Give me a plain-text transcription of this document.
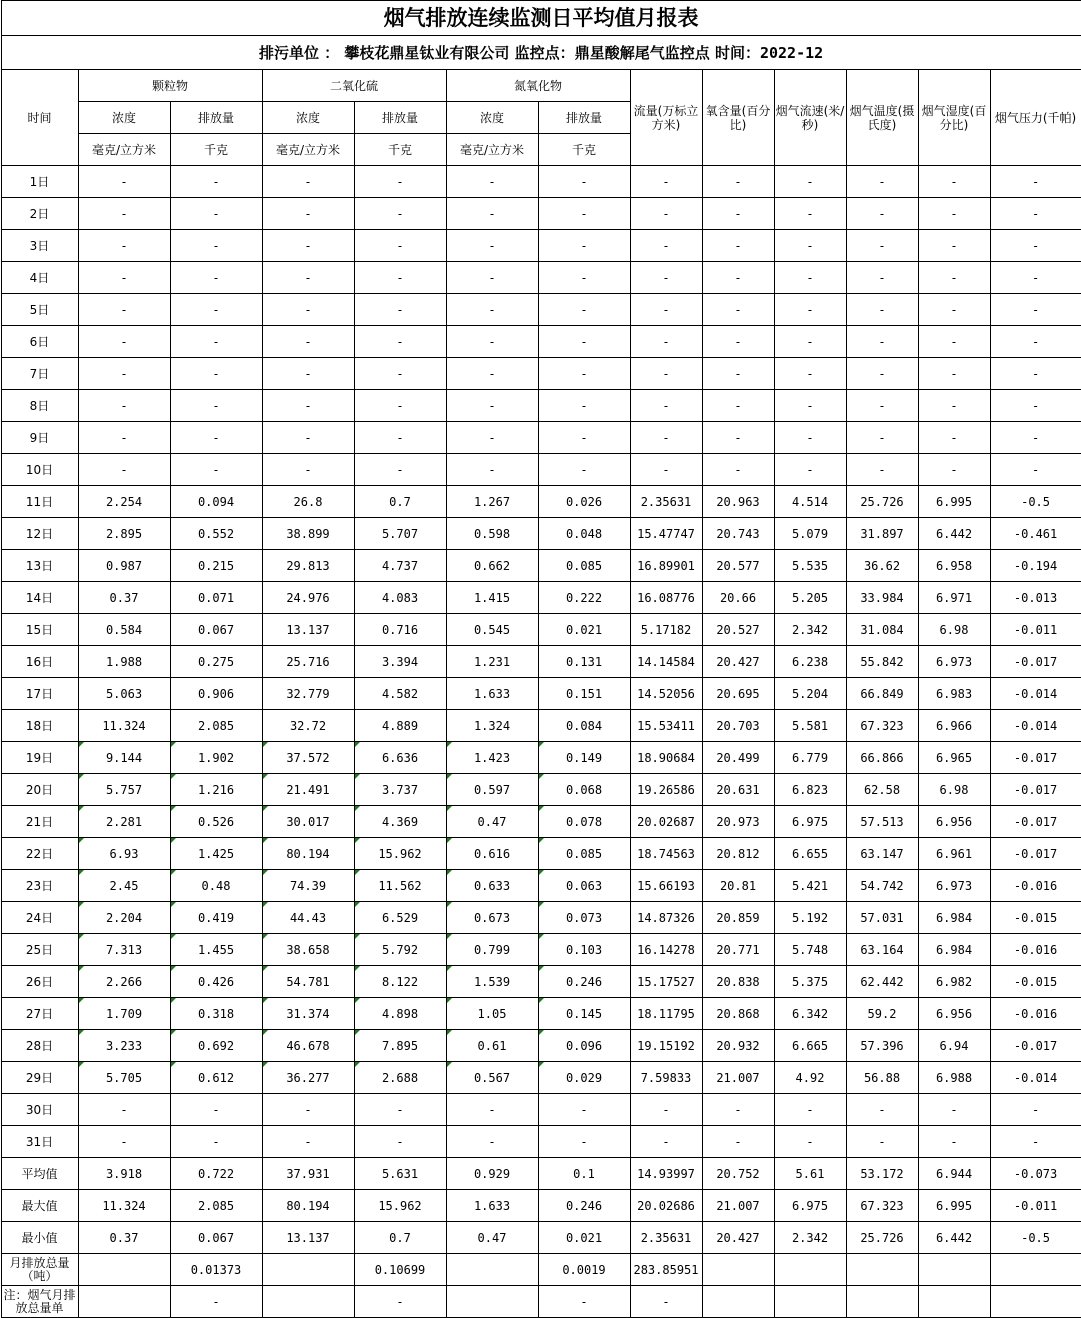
烟气排放连续监测日平均值月报表												
排污单位 ： 攀枝花鼎星钛业有限公司 监控点：鼎星酸解尾气监控点 时间：2022-12												
时间	颗粒物		二氧化硫		氮氧化物		流量(万标立方米)	氧含量(百分比)	烟气流速(米/秒)	烟气温度(摄氏度)	烟气湿度(百分比)	烟气压力(千帕)
	浓度	排放量	浓度	排放量	浓度	排放量						
	毫克/立方米	千克	毫克/立方米	千克	毫克/立方米	千克						
1日	-	-	-	-	-	-	-	-	-	-	-	-
2日	-	-	-	-	-	-	-	-	-	-	-	-
3日	-	-	-	-	-	-	-	-	-	-	-	-
4日	-	-	-	-	-	-	-	-	-	-	-	-
5日	-	-	-	-	-	-	-	-	-	-	-	-
6日	-	-	-	-	-	-	-	-	-	-	-	-
7日	-	-	-	-	-	-	-	-	-	-	-	-
8日	-	-	-	-	-	-	-	-	-	-	-	-
9日	-	-	-	-	-	-	-	-	-	-	-	-
10日	-	-	-	-	-	-	-	-	-	-	-	-
11日	2.254	0.094	26.8	0.7	1.267	0.026	2.35631	20.963	4.514	25.726	6.995	-0.5
12日	2.895	0.552	38.899	5.707	0.598	0.048	15.47747	20.743	5.079	31.897	6.442	-0.461
13日	0.987	0.215	29.813	4.737	0.662	0.085	16.89901	20.577	5.535	36.62	6.958	-0.194
14日	0.37	0.071	24.976	4.083	1.415	0.222	16.08776	20.66	5.205	33.984	6.971	-0.013
15日	0.584	0.067	13.137	0.716	0.545	0.021	5.17182	20.527	2.342	31.084	6.98	-0.011
16日	1.988	0.275	25.716	3.394	1.231	0.131	14.14584	20.427	6.238	55.842	6.973	-0.017
17日	5.063	0.906	32.779	4.582	1.633	0.151	14.52056	20.695	5.204	66.849	6.983	-0.014
18日	11.324	2.085	32.72	4.889	1.324	0.084	15.53411	20.703	5.581	67.323	6.966	-0.014
19日	9.144	1.902	37.572	6.636	1.423	0.149	18.90684	20.499	6.779	66.866	6.965	-0.017
20日	5.757	1.216	21.491	3.737	0.597	0.068	19.26586	20.631	6.823	62.58	6.98	-0.017
21日	2.281	0.526	30.017	4.369	0.47	0.078	20.02687	20.973	6.975	57.513	6.956	-0.017
22日	6.93	1.425	80.194	15.962	0.616	0.085	18.74563	20.812	6.655	63.147	6.961	-0.017
23日	2.45	0.48	74.39	11.562	0.633	0.063	15.66193	20.81	5.421	54.742	6.973	-0.016
24日	2.204	0.419	44.43	6.529	0.673	0.073	14.87326	20.859	5.192	57.031	6.984	-0.015
25日	7.313	1.455	38.658	5.792	0.799	0.103	16.14278	20.771	5.748	63.164	6.984	-0.016
26日	2.266	0.426	54.781	8.122	1.539	0.246	15.17527	20.838	5.375	62.442	6.982	-0.015
27日	1.709	0.318	31.374	4.898	1.05	0.145	18.11795	20.868	6.342	59.2	6.956	-0.016
28日	3.233	0.692	46.678	7.895	0.61	0.096	19.15192	20.932	6.665	57.396	6.94	-0.017
29日	5.705	0.612	36.277	2.688	0.567	0.029	7.59833	21.007	4.92	56.88	6.988	-0.014
30日	-	-	-	-	-	-	-	-	-	-	-	-
31日	-	-	-	-	-	-	-	-	-	-	-	-
平均值	3.918	0.722	37.931	5.631	0.929	0.1	14.93997	20.752	5.61	53.172	6.944	-0.073
最大值	11.324	2.085	80.194	15.962	1.633	0.246	20.02686	21.007	6.975	67.323	6.995	-0.011
最小值	0.37	0.067	13.137	0.7	0.47	0.021	2.35631	20.427	2.342	25.726	6.442	-0.5
月排放总量（吨）		0.01373		0.10699		0.0019	283.85951					
注：烟气月排放总量单		-		-		-	-					
